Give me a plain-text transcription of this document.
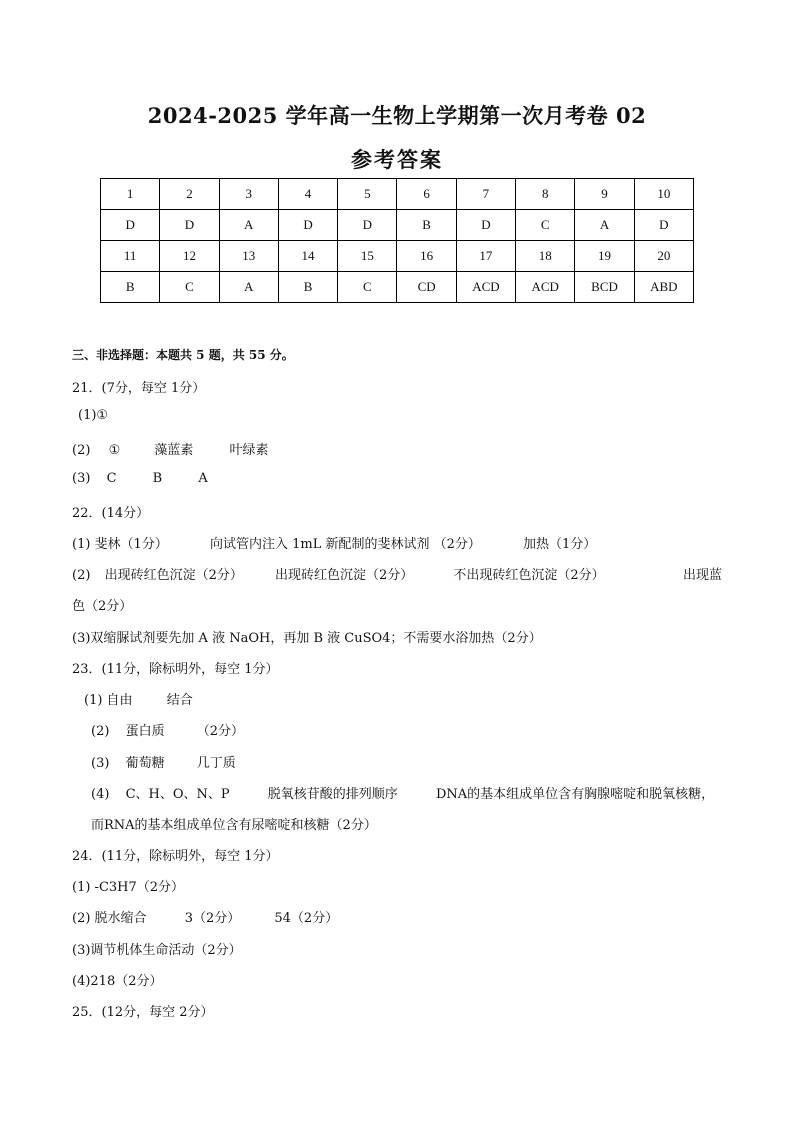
2024-2025 学年高一生物上学期第一次月考卷 02
参考答案
1	2	3	4	5	6	7	8	9	10
D	D	A	D	D	B	D	C	A	D
11	12	13	14	15	16	17	18	19	20
B	C	A	B	C	CD	ACD	ACD	BCD	ABD
三、非选择题：本题共 5 题，共 55 分。
21．(7分，每空 1分）
(1)①
(2) ①	藻蓝素	叶绿素
(3) C	B	A
22．(14分）
(1) 斐林（1分）	向试管内注入 1mL 新配制的斐林试剂 （2分）	加热（1分）
(2) 出现砖红色沉淀（2分） 出现砖红色沉淀（2分）	不出现砖红色沉淀（2分）	出现蓝
色（2分）
(3)双缩脲试剂要先加 A 液 NaOH，再加 B 液 CuSO4；不需要水浴加热（2分）
23．(11分，除标明外，每空 1分）
(1) 自由	结合
(2) 蛋白质 （2分）
(3) 葡萄糖 几丁质
(4) C、H、O、N、P	脱氧核苷酸的排列顺序	DNA的基本组成单位含有胸腺嘧啶和脱氧核糖，
而RNA的基本组成单位含有尿嘧啶和核糖（2分）
24．(11分，除标明外，每空 1分）
(1) -C3H7（2分）
(2) 脱水缩合	3（2分）	54（2分）
(3)调节机体生命活动（2分）
(4)218（2分）
25．(12分，每空 2分）
